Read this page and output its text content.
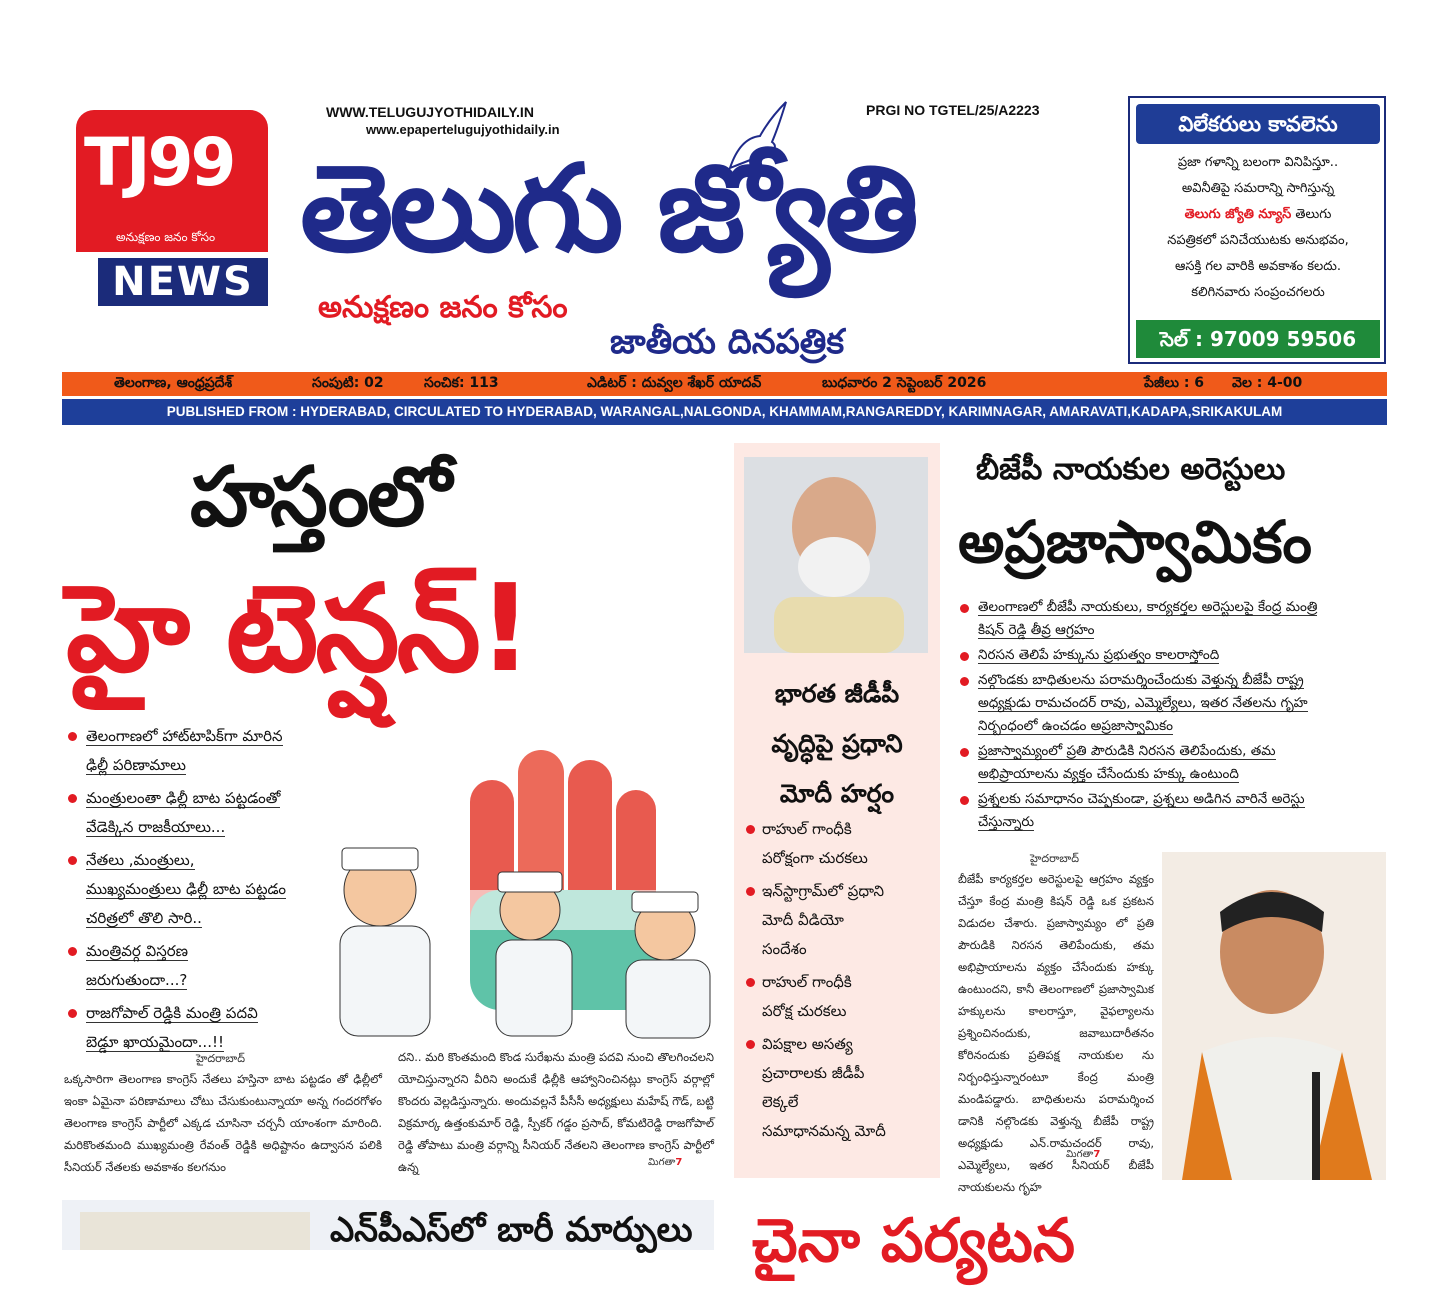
TJ99
అనుక్షణం జనం కోసం
NEWS
WWW.TELUGUJYOTHIDAILY.IN
www.epapertelugujyothidaily.in
PRGI NO TGTEL/25/A2223
తెలుగు జ్యోతి
అనుక్షణం జనం కోసం
జాతీయ దినపత్రిక
విలేకరులు కావలెను
ప్రజా గళాన్ని బలంగా వినిపిస్తూ..
అవినీతిపై సమరాన్ని సాగిస్తున్న
తెలుగు జ్యోతి న్యూస్ తెలుగు
నపత్రికలో పనిచేయుటకు అనుభవం,
ఆసక్తి గల వారికి అవకాశం కలదు.
కలిగినవారు సంప్రంచగలరు
సెల్ : 97009 59506
తెలంగాణ, ఆంధ్రప్రదేశ్	సంపుటి: 02	సంచిక: 113	ఎడిటర్ : దువ్వల శేఖర్ యాదవ్	బుధవారం 2 సెప్టెంబర్ 2026	పేజీలు : 6 వెల : 4-00
PUBLISHED FROM : HYDERABAD, CIRCULATED TO HYDERABAD, WARANGAL,NALGONDA, KHAMMAM,RANGAREDDY, KARIMNAGAR, AMARAVATI,KADAPA,SRIKAKULAM
హస్తంలో
హై టెన్షన్!
తెలంగాణలో హాట్‌టాపిక్‌గా మారిన
ఢిల్లీ పరిణామాలు
మంత్రులంతా ఢిల్లీ బాట పట్టడంతో
వేడెక్కిన రాజకీయాలు...
నేతలు ,మంత్రులు,
ముఖ్యమంత్రులు ఢిల్లీ బాట పట్టడం
చరిత్రలో తొలి సారి..
మంత్రివర్గ విస్తరణ
జరుగుతుందా...?
రాజగోపాల్ రెడ్డికి మంత్రి పదవి
బెడ్డూ ఖాయమైందా...!!
హైదరాబాద్
ఒక్కసారిగా తెలంగాణ కాంగ్రెస్ నేతలు హస్తినా బాట పట్టడం తో ఢిల్లీలో ఇంకా ఏమైనా పరిణామాలు చోటు చేసుకుంటున్నాయా అన్న గందరగోళం తెలంగాణ కాంగ్రెస్ పార్టీలో ఎక్కడ చూసినా చర్చనీ యాంశంగా మారింది. మరికొంతమంది ముఖ్యమంత్రి రేవంత్ రెడ్డికి అధిష్టానం ఉద్వాసన పలికి సీనియర్ నేతలకు అవకాశం కలగనుం
దని.. మరి కొంతమంది కొండ సురేఖను మంత్రి పదవి నుంచి తొలగించలని యోచిస్తున్నారని వీరిని అందుకే ఢిల్లీకి ఆహ్వానించినట్లు కాంగ్రెస్ వర్గాల్లో కొందరు వెల్లడిస్తున్నారు. అందువల్లనే పీసీసీ అధ్యక్షులు మహేష్ గౌడ్, బట్టి విక్రమార్క ఉత్తంకుమార్ రెడ్డి, స్పీకర్ గడ్డం ప్రసాద్, కోమటిరెడ్డి రాజగోపాల్ రెడ్డి తోపాటు మంత్రి వర్గాన్ని సీనియర్ నేతలని తెలంగాణ కాంగ్రెస్ పార్టీలో ఉన్న	మిగతా7
భారత జీడీపీ
వృద్ధిపై ప్రధాని
మోదీ హర్షం
రాహుల్ గాంధీకి
పరోక్షంగా చురకలు
ఇన్‌స్టాగ్రామ్‌లో ప్రధాని
మోదీ వీడియో
సందేశం
రాహుల్ గాంధీకి
పరోక్ష చురకలు
విపక్షాల అసత్య
ప్రచారాలకు జీడీపీ
లెక్కలే
సమాధానమన్న మోదీ
బీజేపీ నాయకుల అరెస్టులు
అప్రజాస్వామికం
తెలంగాణలో బీజేపీ నాయకులు, కార్యకర్తల అరెస్టులపై కేంద్ర మంత్రి
కిషన్ రెడ్డి తీవ్ర ఆగ్రహం
నిరసన తెలిపే హక్కును ప్రభుత్వం కాలరాస్తోంది
నల్గొండకు బాధితులను పరామర్శించేందుకు వెళ్తున్న బీజేపీ రాష్ట్ర
అధ్యక్షుడు రామచందర్ రావు, ఎమ్మెల్యేలు, ఇతర నేతలను గృహ
నిర్బంధంలో ఉంచడం అప్రజాస్వామికం
ప్రజాస్వామ్యంలో ప్రతి పౌరుడికి నిరసన తెలిపేందుకు, తమ
అభిప్రాయాలను వ్యక్తం చేసేందుకు హక్కు ఉంటుంది
ప్రశ్నలకు సమాధానం చెప్పకుండా, ప్రశ్నలు అడిగిన వారినే అరెస్టు
చేస్తున్నారు
హైదరాబాద్
బీజేపీ కార్యకర్తల అరెస్టులపై ఆగ్రహం వ్యక్తం చేస్తూ కేంద్ర మంత్రి కిషన్ రెడ్డి ఒక ప్రకటన విడుదల చేశారు. ప్రజాస్వామ్యం లో ప్రతి పౌరుడికి నిరసన తెలిపేందుకు, తమ అభిప్రాయాలను వ్యక్తం చేసేందుకు హక్కు ఉంటుందని, కానీ తెలంగాణలో ప్రజాస్వామిక హక్కులను కాలరాస్తూ, వైఫల్యాలను ప్రశ్నించినందుకు, జవాబుదారీతనం కోరినందుకు ప్రతిపక్ష నాయకుల ను నిర్బంధిస్తున్నారంటూ కేంద్ర మంత్రి మండిపడ్డారు. బాధితులను పరామర్శించ డానికి నల్గొండకు వెళ్తున్న బీజేపీ రాష్ట్ర అధ్యక్షుడు ఎన్.రామచందర్ రావు, ఎమ్మెల్యేలు, ఇతర సీనియర్ బీజేపీ నాయకులను గృహ
మిగతా7
ఎన్‌పీఎస్‌లో బారీ మార్పులు చైనా పర్యటన
